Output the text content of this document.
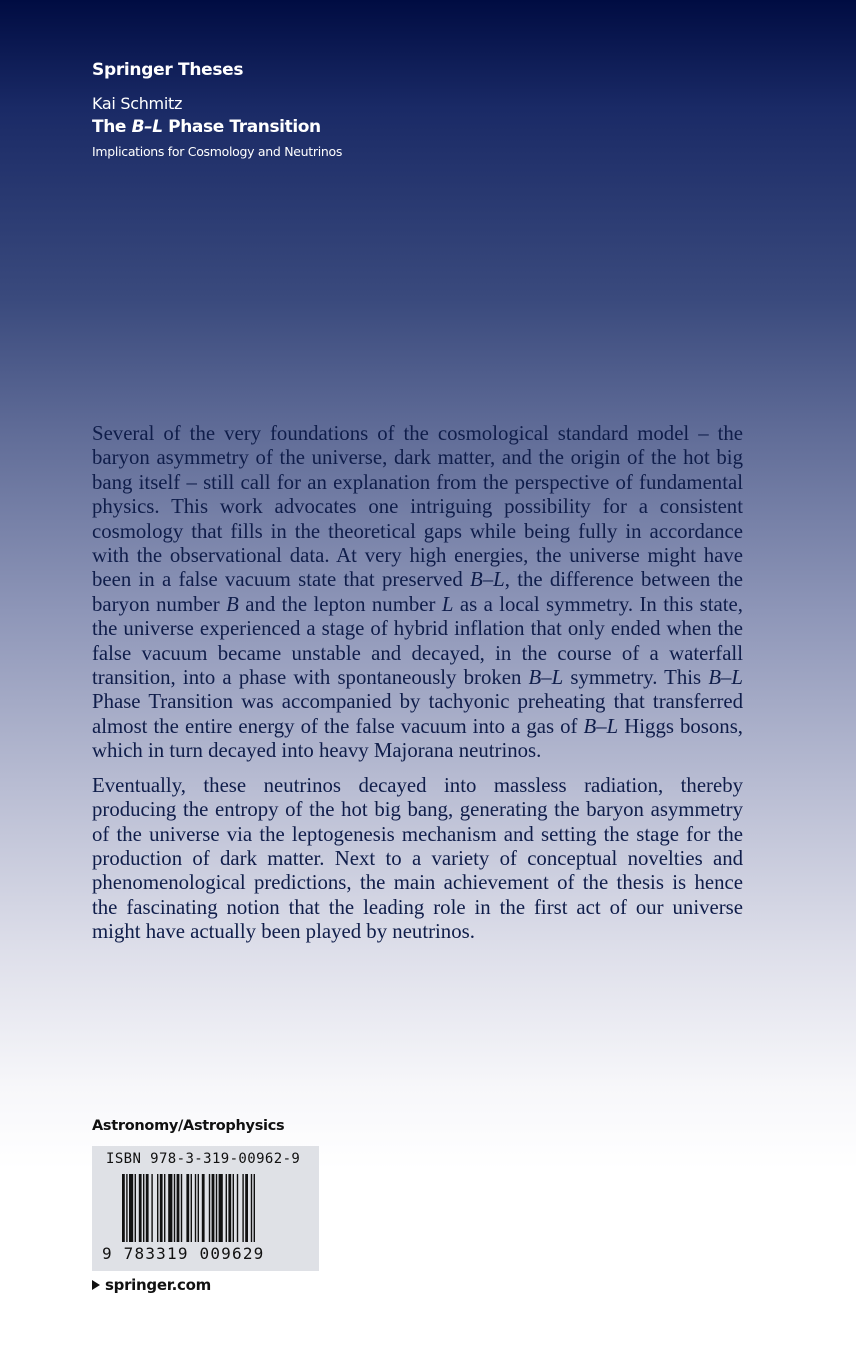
Springer Theses
Kai Schmitz
The B–L Phase Transition
Implications for Cosmology and Neutrinos

Several of the very foundations of the cosmological standard model – the baryon asymmetry of the universe, dark matter, and the origin of the hot big bang itself – still call for an explanation from the perspective of fundamental physics. This work advocates one intriguing possibility for a consistent cosmology that fills in the theoretical gaps while being fully in accordance with the observational data. At very high energies, the universe might have been in a false vacuum state that preserved B–L, the difference between the baryon number B and the lepton number L as a local symmetry. In this state, the universe experienced a stage of hybrid inflation that only ended when the false vacuum became unstable and decayed, in the course of a waterfall transition, into a phase with spontaneously broken B–L symmetry. This B–L Phase Transition was accompanied by tachyonic preheating that transferred almost the entire energy of the false vacuum into a gas of B–L Higgs bosons, which in turn decayed into heavy Majorana neutrinos.

Eventually, these neutrinos decayed into massless radiation, thereby producing the entropy of the hot big bang, generating the baryon asymmetry of the universe via the leptogenesis mechanism and setting the stage for the production of dark matter. Next to a variety of conceptual novelties and phenomenological predictions, the main achievement of the thesis is hence the fascinating notion that the leading role in the first act of our universe might have actually been played by neutrinos.

Astronomy/Astrophysics
ISBN 978-3-319-00962-9
9 783319 009629
springer.com
